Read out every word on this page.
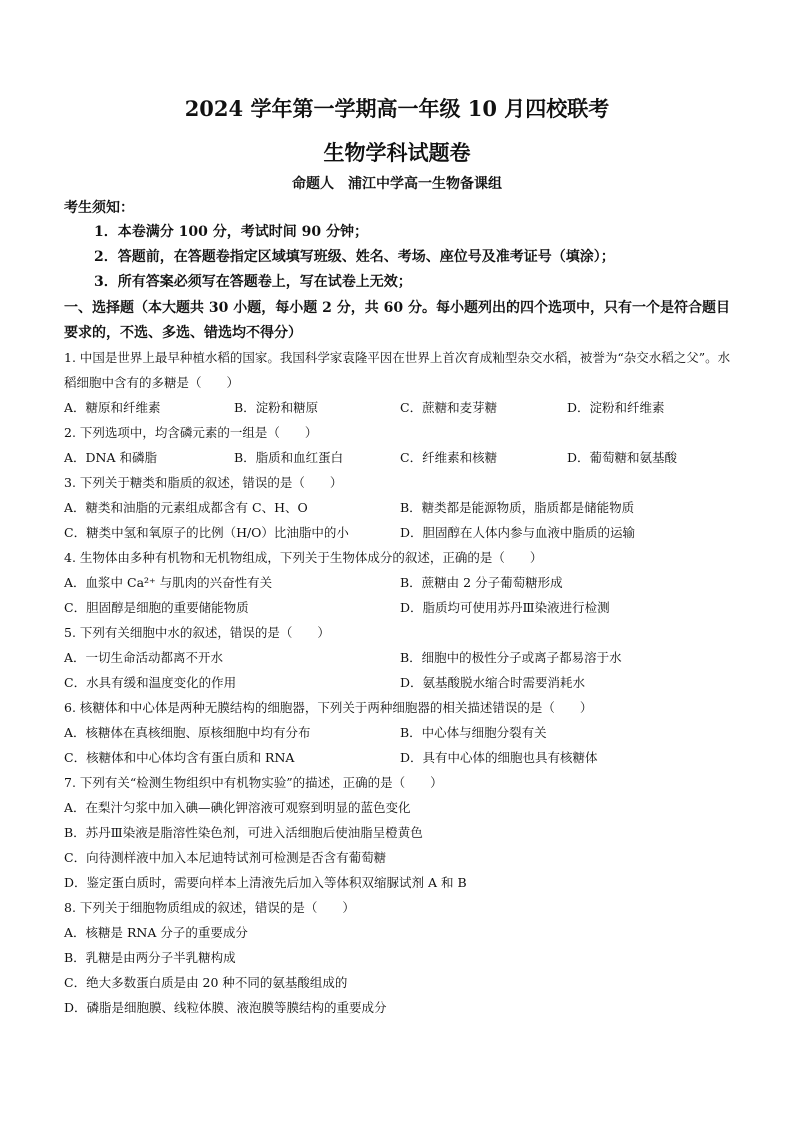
2024 学年第一学期高一年级 10 月四校联考
生物学科试题卷
命题人　浦江中学高一生物备课组
考生须知：
1．本卷满分 100 分，考试时间 90 分钟；
2．答题前，在答题卷指定区域填写班级、姓名、考场、座位号及准考证号（填涂）；
3．所有答案必须写在答题卷上，写在试卷上无效；
一、选择题（本大题共 30 小题，每小题 2 分，共 60 分。每小题列出的四个选项中，只有一个是符合题目要求的，不选、多选、错选均不得分）
1. 中国是世界上最早种植水稻的国家。我国科学家袁隆平因在世界上首次育成籼型杂交水稻，被誉为“杂交水稻之父”。水稻细胞中含有的多糖是（　　）
A．糖原和纤维素	B．淀粉和糖原	C．蔗糖和麦芽糖	D．淀粉和纤维素
2. 下列选项中，均含磷元素的一组是（　　）
A．DNA 和磷脂	B．脂质和血红蛋白	C．纤维素和核糖	D．葡萄糖和氨基酸
3. 下列关于糖类和脂质的叙述，错误的是（　　）
A．糖类和油脂的元素组成都含有 C、H、O	B．糖类都是能源物质，脂质都是储能物质
C．糖类中氢和氧原子的比例（H/O）比油脂中的小	D．胆固醇在人体内参与血液中脂质的运输
4. 生物体由多种有机物和无机物组成，下列关于生物体成分的叙述，正确的是（　　）
A．血浆中 Ca²⁺ 与肌肉的兴奋性有关	B．蔗糖由 2 分子葡萄糖形成
C．胆固醇是细胞的重要储能物质	D．脂质均可使用苏丹Ⅲ染液进行检测
5. 下列有关细胞中水的叙述，错误的是（　　）
A．一切生命活动都离不开水	B．细胞中的极性分子或离子都易溶于水
C．水具有缓和温度变化的作用	D．氨基酸脱水缩合时需要消耗水
6. 核糖体和中心体是两种无膜结构的细胞器，下列关于两种细胞器的相关描述错误的是（　　）
A．核糖体在真核细胞、原核细胞中均有分布	B．中心体与细胞分裂有关
C．核糖体和中心体均含有蛋白质和 RNA	D．具有中心体的细胞也具有核糖体
7. 下列有关“检测生物组织中有机物实验”的描述，正确的是（　　）
A．在梨汁匀浆中加入碘—碘化钾溶液可观察到明显的蓝色变化
B．苏丹Ⅲ染液是脂溶性染色剂，可进入活细胞后使油脂呈橙黄色
C．向待测样液中加入本尼迪特试剂可检测是否含有葡萄糖
D．鉴定蛋白质时，需要向样本上清液先后加入等体积双缩脲试剂 A 和 B
8. 下列关于细胞物质组成的叙述，错误的是（　　）
A．核糖是 RNA 分子的重要成分
B．乳糖是由两分子半乳糖构成
C．绝大多数蛋白质是由 20 种不同的氨基酸组成的
D．磷脂是细胞膜、线粒体膜、液泡膜等膜结构的重要成分
